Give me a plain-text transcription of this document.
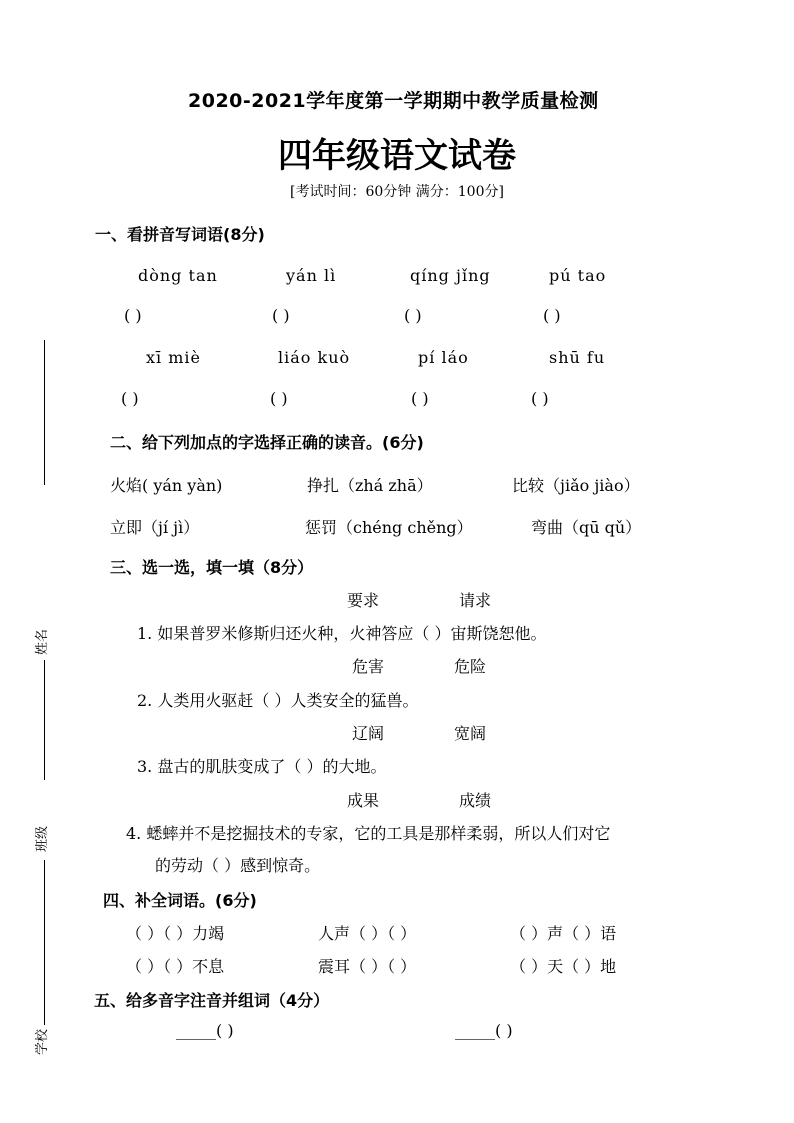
2020-2021学年度第一学期期中教学质量检测
四年级语文试卷
[考试时间：60分钟 满分：100分]
姓名
班级
学校
一、看拼音写词语(8分)
dòng tan	yán lì	qíng jǐng	pú tao
( )	( )	( )	( )
xī miè	liáo kuò	pí láo	shū fu
( )	( )	( )	( )
二、给下列加点的字选择正确的读音。(6分)
火焰( yán yàn)	挣扎（zhá zhā）	比较（jiǎo jiào）
立即（jí jì）	惩罚（chéng chěng）	弯曲（qū qǔ）
三、选一选，填一填（8分）
要求	请求
1. 如果普罗米修斯归还火种，火神答应（ ）宙斯饶恕他。
危害	危险
2. 人类用火驱赶（ ）人类安全的猛兽。
辽阔	宽阔
3. 盘古的肌肤变成了（ ）的大地。
成果	成绩
4. 蟋蟀并不是挖掘技术的专家，它的工具是那样柔弱，所以人们对它
的劳动（ ）感到惊奇。
四、补全词语。(6分)
（ ）（ ）力竭	人声（ ）（ ）	（ ）声（ ）语
（ ）（ ）不息	震耳（ ）（ ）	（ ）天（ ）地
五、给多音字注音并组词（4分）
_____( )	_____( )
